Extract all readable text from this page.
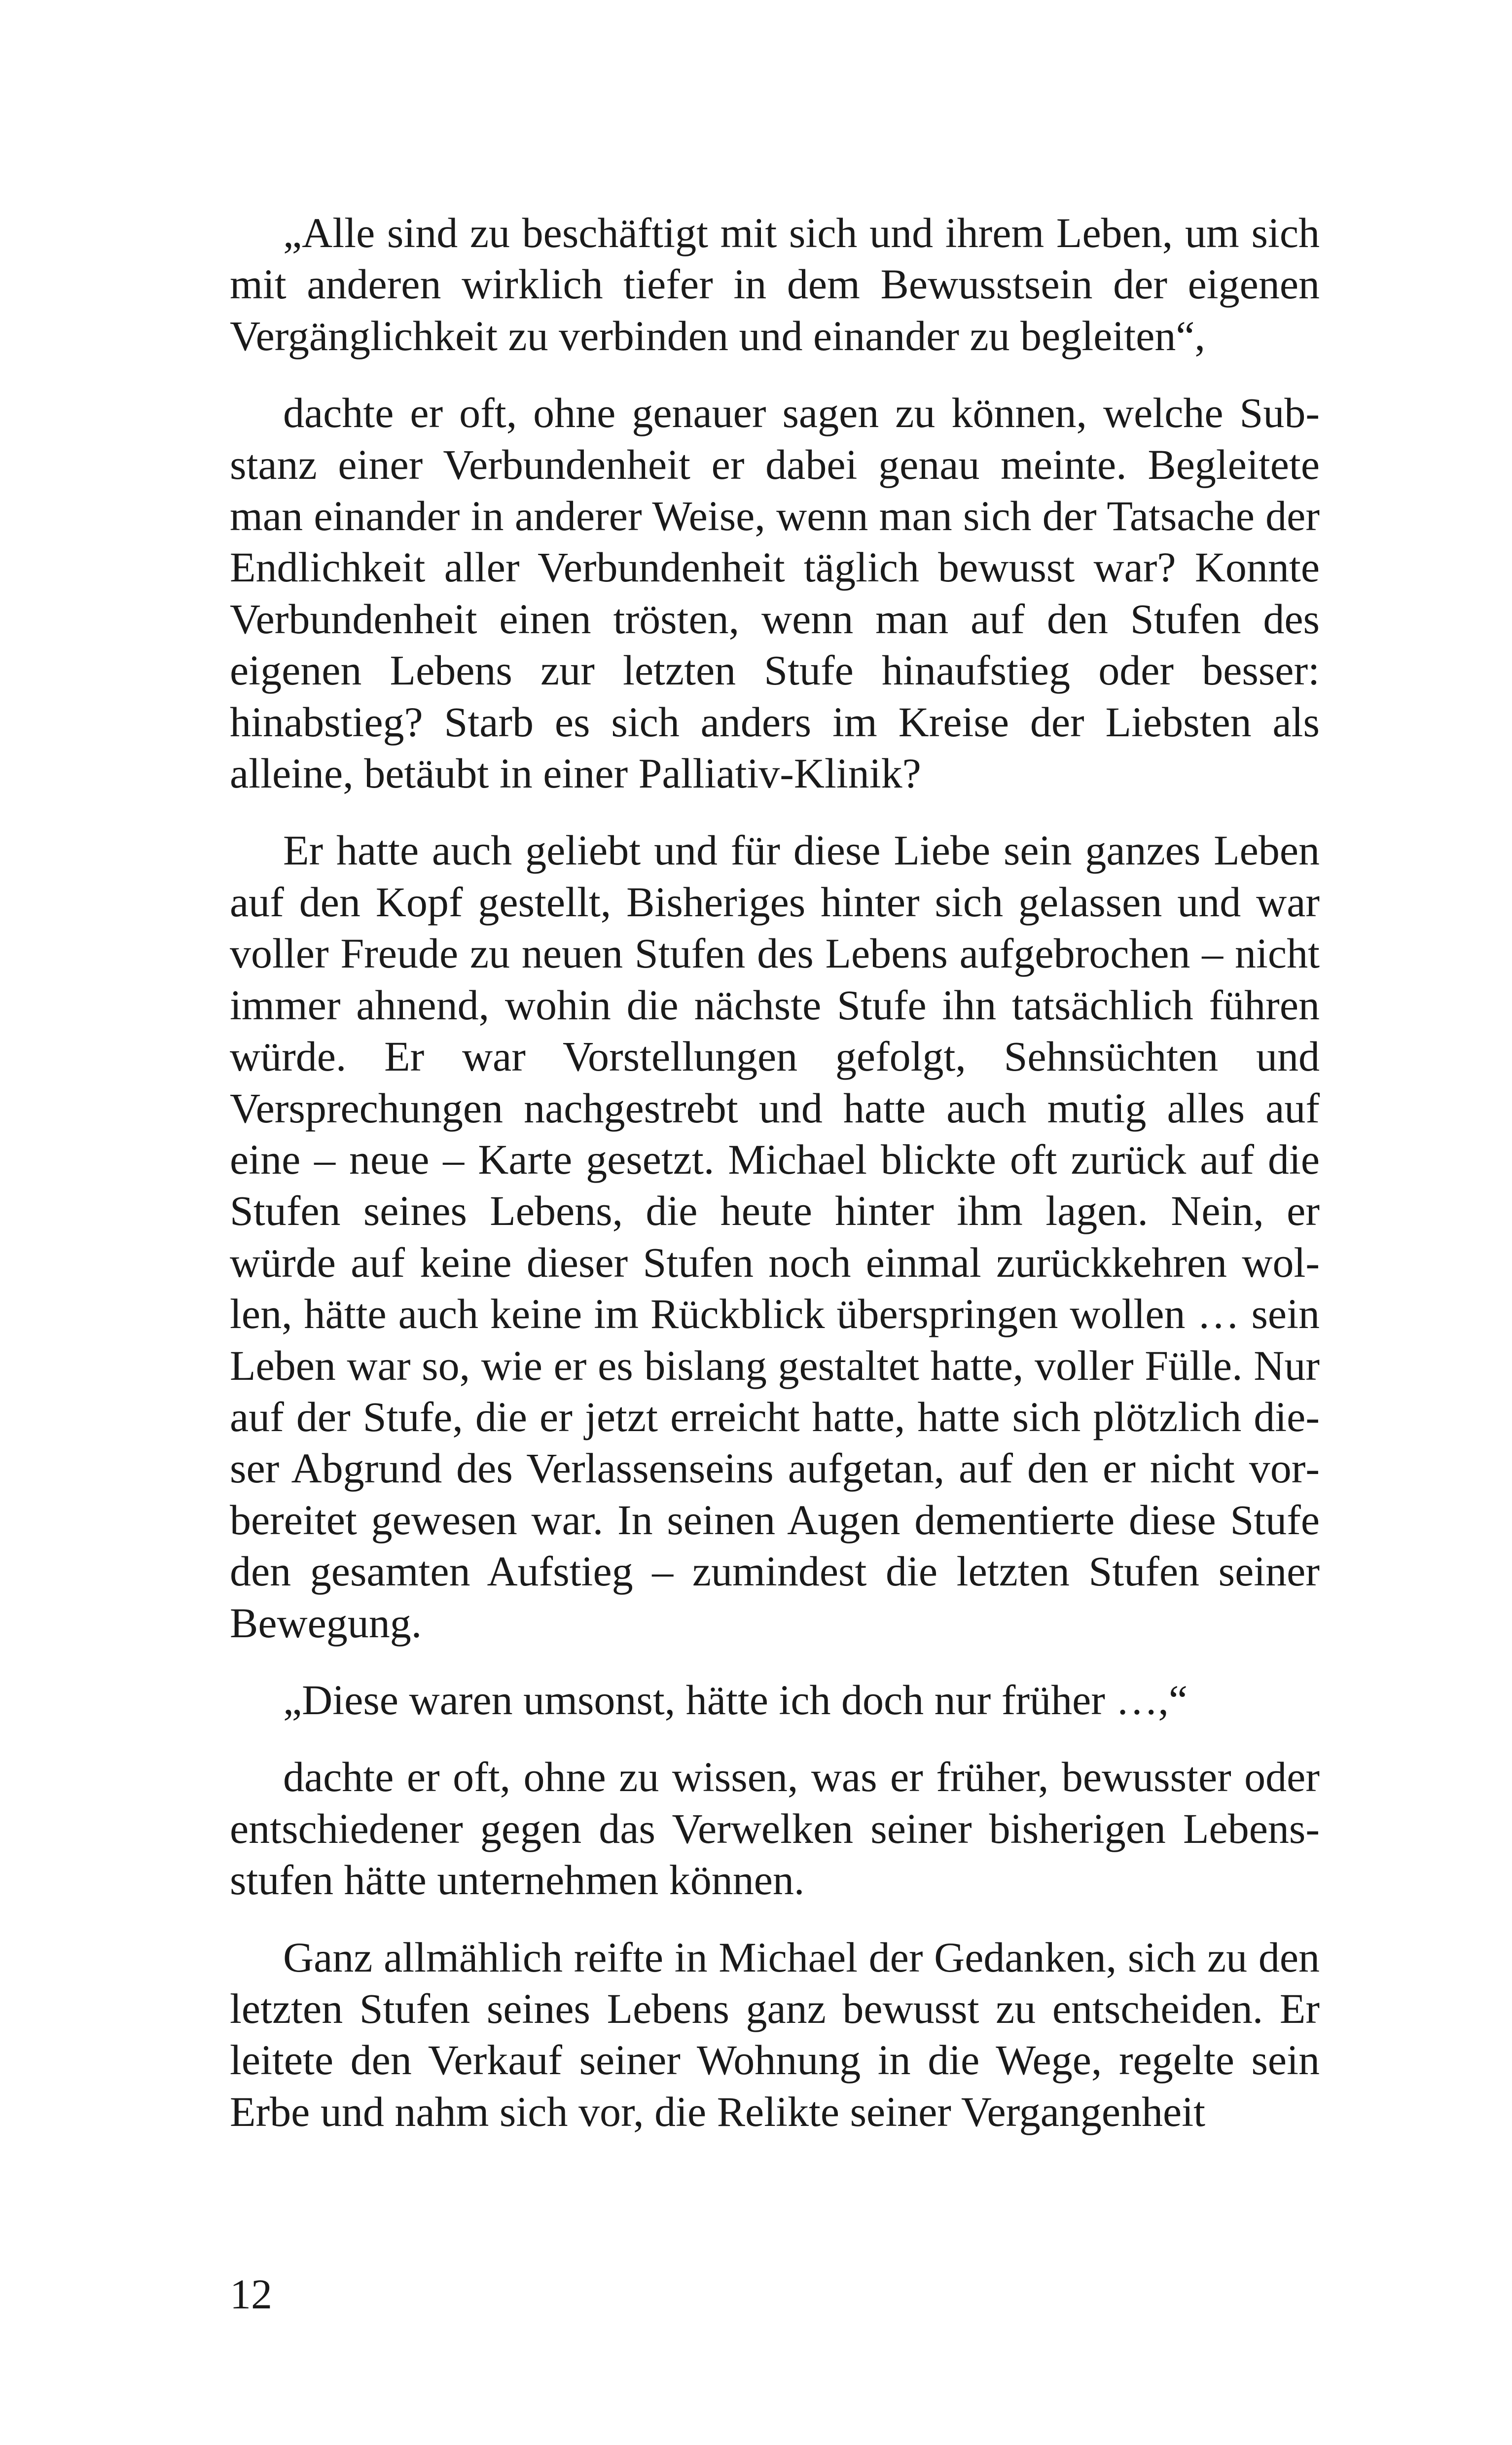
„Alle sind zu beschäftigt mit sich und ihrem Leben, um sich mit anderen wirklich tiefer in dem Bewusstsein der eigenen Vergänglichkeit zu verbinden und einander zu begleiten“,

dachte er oft, ohne genauer sagen zu können, welche Substanz einer Verbundenheit er dabei genau meinte. Begleitete man einander in anderer Weise, wenn man sich der Tatsache der Endlichkeit aller Verbundenheit täglich bewusst war? Konnte Verbundenheit einen trösten, wenn man auf den Stufen des eigenen Lebens zur letzten Stufe hinaufstieg oder besser: hinabstieg? Starb es sich anders im Kreise der Liebsten als alleine, betäubt in einer Palliativ-Klinik?

Er hatte auch geliebt und für diese Liebe sein ganzes Leben auf den Kopf gestellt, Bisheriges hinter sich gelassen und war voller Freude zu neuen Stufen des Lebens aufgebrochen – nicht immer ahnend, wohin die nächste Stufe ihn tatsächlich führen würde. Er war Vorstellungen gefolgt, Sehnsüchten und Versprechungen nachgestrebt und hatte auch mutig alles auf eine – neue – Karte gesetzt. Michael blickte oft zurück auf die Stufen seines Lebens, die heute hinter ihm lagen. Nein, er würde auf keine dieser Stufen noch einmal zurückkehren wollen, hätte auch keine im Rückblick überspringen wollen … sein Leben war so, wie er es bislang gestaltet hatte, voller Fülle. Nur auf der Stufe, die er jetzt erreicht hatte, hatte sich plötzlich dieser Abgrund des Verlassenseins aufgetan, auf den er nicht vorbereitet gewesen war. In seinen Augen dementierte diese Stufe den gesamten Aufstieg – zumindest die letzten Stufen seiner Bewegung.

„Diese waren umsonst, hätte ich doch nur früher …,“

dachte er oft, ohne zu wissen, was er früher, bewusster oder entschiedener gegen das Verwelken seiner bisherigen Lebensstufen hätte unternehmen können.

Ganz allmählich reifte in Michael der Gedanken, sich zu den letzten Stufen seines Lebens ganz bewusst zu entscheiden. Er leitete den Verkauf seiner Wohnung in die Wege, regelte sein Erbe und nahm sich vor, die Relikte seiner Vergangenheit

12
